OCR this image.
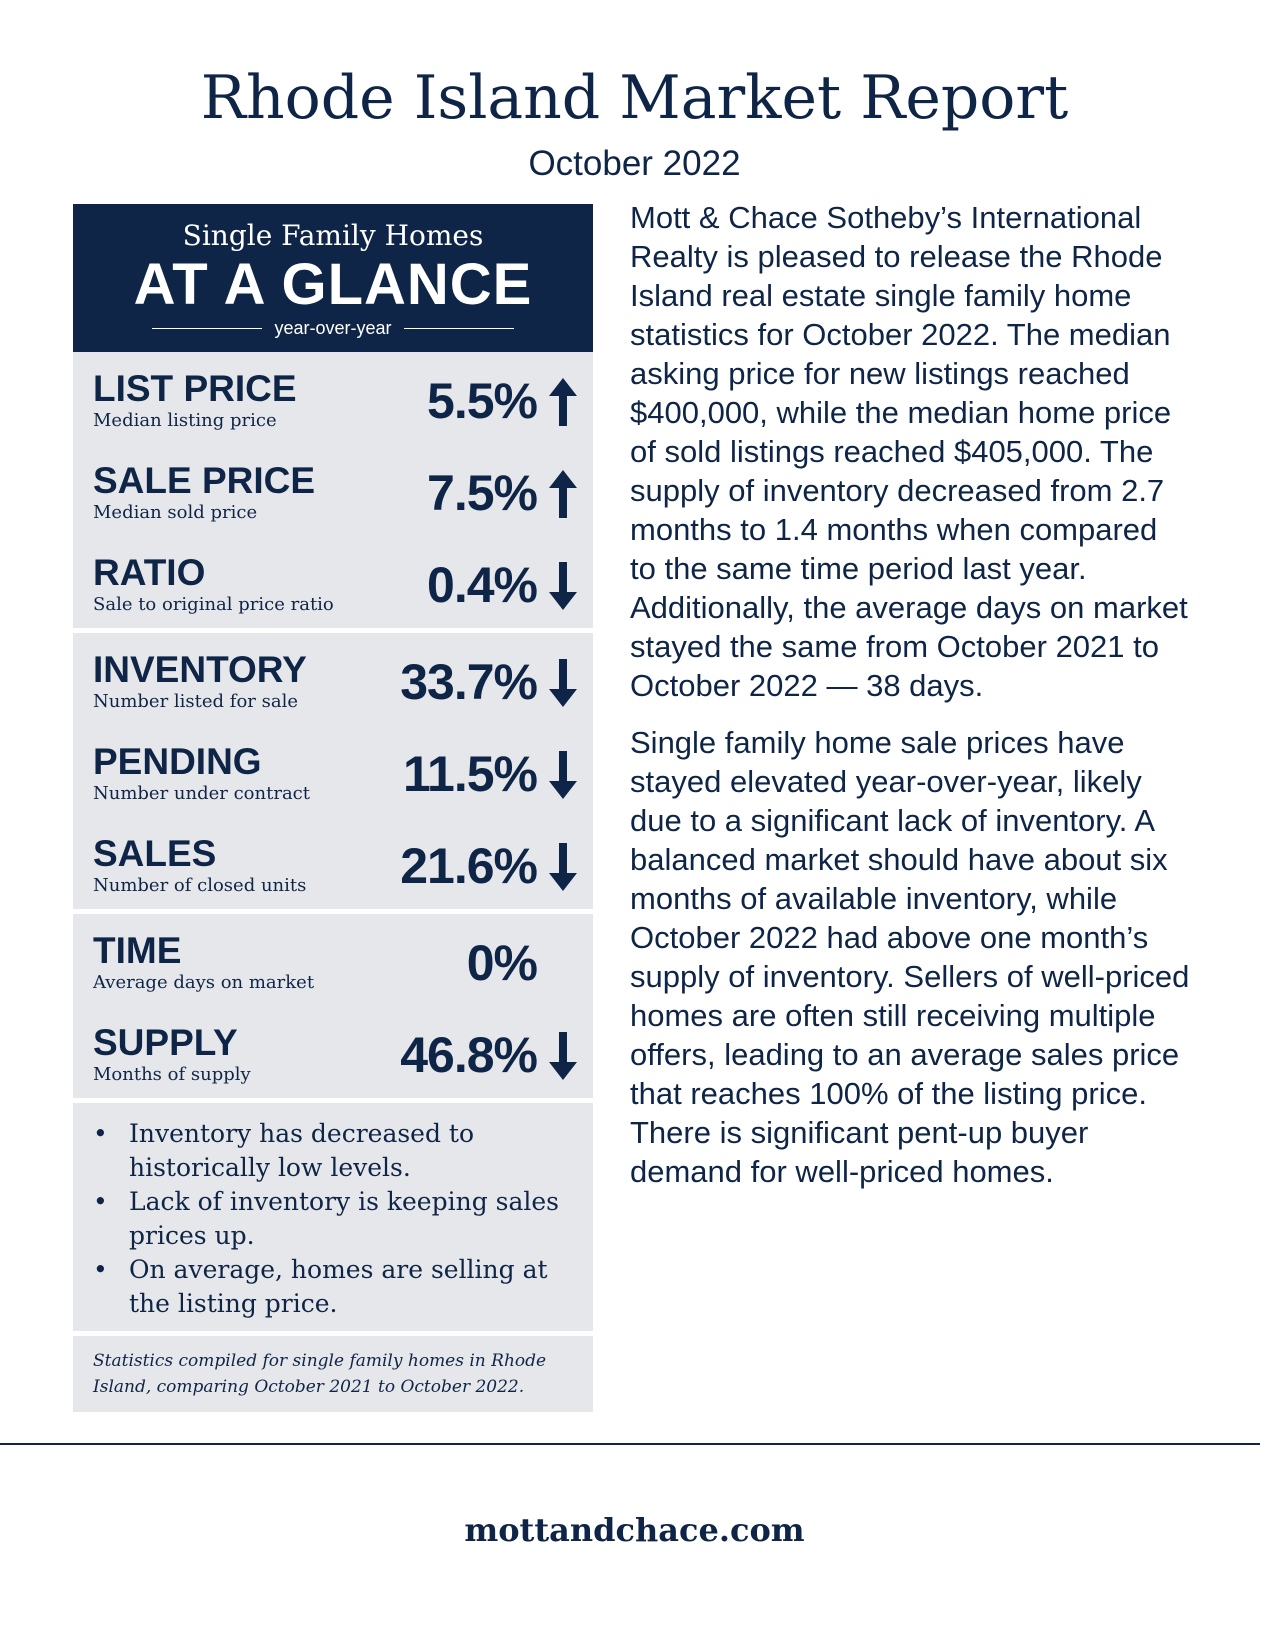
Rhode Island Market Report
October 2022
Single Family Homes
AT A GLANCE
year-over-year
LIST PRICE
Median listing price	5.5%
SALE PRICE
Median sold price	7.5%
RATIO
Sale to original price ratio 0.4%
INVENTORY
Number listed for sale 33.7%
PENDING
Number under contract 11.5%
SALES
Number of closed units 21.6%
TIME
Average days on market	0%
SUPPLY
Months of supply	46.8%
• Inventory has decreased to historically low levels.
• Lack of inventory is keeping sales prices up.
• On average, homes are selling at the listing price.
Statistics compiled for single family homes in Rhode Island, comparing October 2021 to October 2022.

Mott & Chace Sotheby’s International Realty is pleased to release the Rhode Island real estate single family home statistics for October 2022. The median asking price for new listings reached $400,000, while the median home price of sold listings reached $405,000. The supply of inventory decreased from 2.7 months to 1.4 months when compared to the same time period last year. Additionally, the average days on market stayed the same from October 2021 to October 2022 — 38 days.

Single family home sale prices have stayed elevated year-over-year, likely due to a significant lack of inventory. A balanced market should have about six months of available inventory, while October 2022 had above one month’s supply of inventory. Sellers of well-priced homes are often still receiving multiple offers, leading to an average sales price that reaches 100% of the listing price. There is significant pent-up buyer demand for well-priced homes.

mottandchace.com
